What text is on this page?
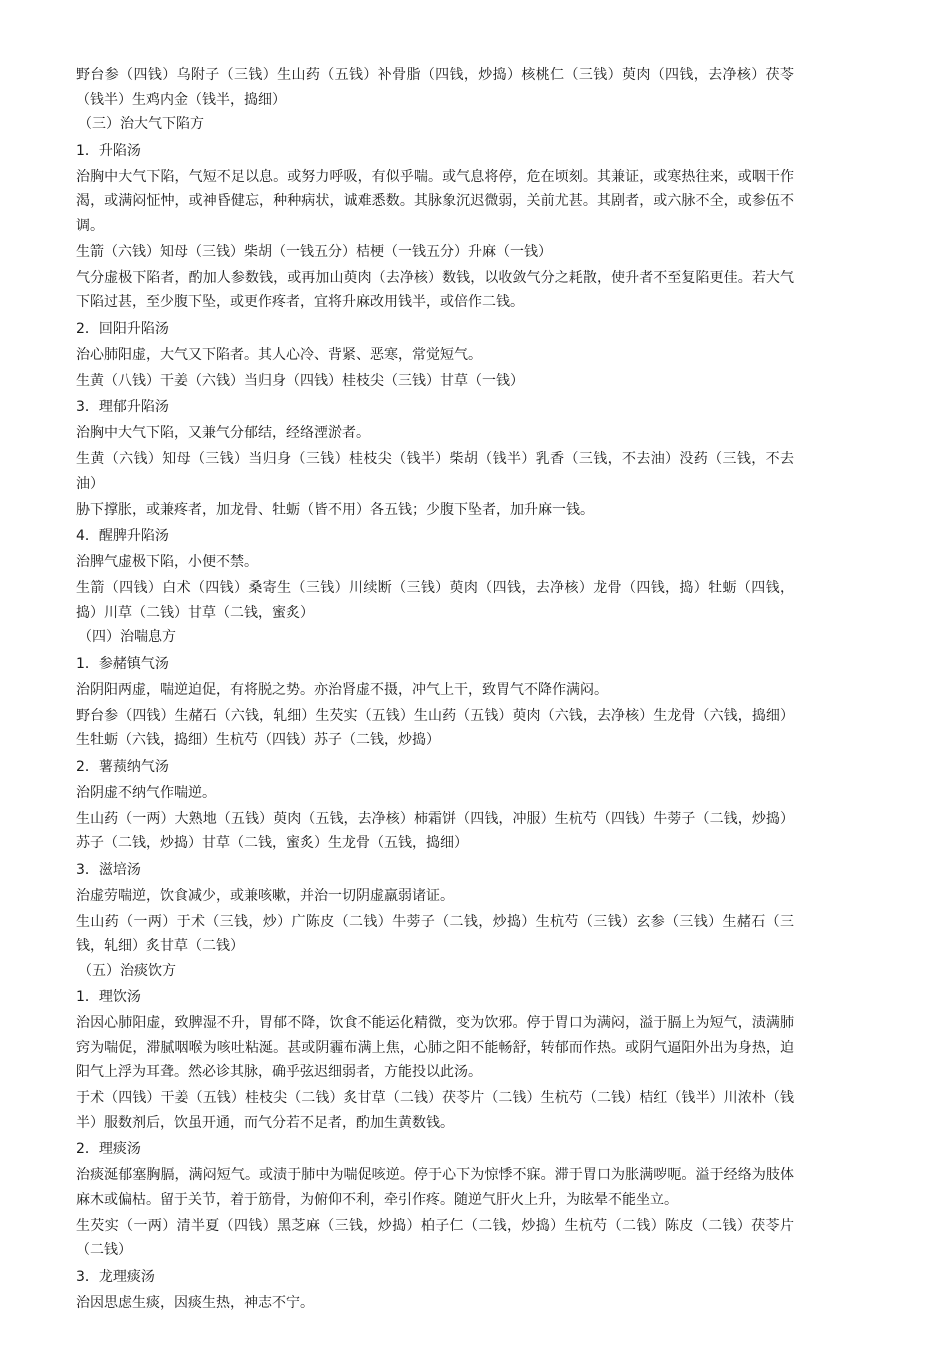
野台参（四钱）乌附子（三钱）生山药（五钱）补骨脂（四钱，炒捣）核桃仁（三钱）萸肉（四钱，去净核）茯苓（钱半）生鸡内金（钱半，捣细）

（三）治大气下陷方

1．升陷汤

治胸中大气下陷，气短不足以息。或努力呼吸，有似乎喘。或气息将停，危在顷刻。其兼证，或寒热往来，或咽干作渴，或满闷怔忡，或神昏健忘，种种病状，诚难悉数。其脉象沉迟微弱，关前尤甚。其剧者，或六脉不全，或参伍不调。

生箭（六钱）知母（三钱）柴胡（一钱五分）桔梗（一钱五分）升麻（一钱）

气分虚极下陷者，酌加人参数钱，或再加山萸肉（去净核）数钱，以收敛气分之耗散，使升者不至复陷更佳。若大气下陷过甚，至少腹下坠，或更作疼者，宜将升麻改用钱半，或倍作二钱。

2．回阳升陷汤

治心肺阳虚，大气又下陷者。其人心冷、背紧、恶寒，常觉短气。

生黄（八钱）干姜（六钱）当归身（四钱）桂枝尖（三钱）甘草（一钱）

3．理郁升陷汤

治胸中大气下陷，又兼气分郁结，经络湮淤者。

生黄（六钱）知母（三钱）当归身（三钱）桂枝尖（钱半）柴胡（钱半）乳香（三钱，不去油）没药（三钱，不去油）

胁下撑胀，或兼疼者，加龙骨、牡蛎（皆不用）各五钱；少腹下坠者，加升麻一钱。

4．醒脾升陷汤

治脾气虚极下陷，小便不禁。

生箭（四钱）白术（四钱）桑寄生（三钱）川续断（三钱）萸肉（四钱，去净核）龙骨（四钱，捣）牡蛎（四钱，捣）川草（二钱）甘草（二钱，蜜炙）

（四）治喘息方

1．参赭镇气汤

治阴阳两虚，喘逆迫促，有将脱之势。亦治肾虚不摄，冲气上干，致胃气不降作满闷。

野台参（四钱）生赭石（六钱，轧细）生芡实（五钱）生山药（五钱）萸肉（六钱，去净核）生龙骨（六钱，捣细）生牡蛎（六钱，捣细）生杭芍（四钱）苏子（二钱，炒捣）

2．薯蓣纳气汤

治阴虚不纳气作喘逆。

生山药（一两）大熟地（五钱）萸肉（五钱，去净核）柿霜饼（四钱，冲服）生杭芍（四钱）牛蒡子（二钱，炒捣）苏子（二钱，炒捣）甘草（二钱，蜜炙）生龙骨（五钱，捣细）

3．滋培汤

治虚劳喘逆，饮食减少，或兼咳嗽，并治一切阴虚羸弱诸证。

生山药（一两）于术（三钱，炒）广陈皮（二钱）牛蒡子（二钱，炒捣）生杭芍（三钱）玄参（三钱）生赭石（三钱，轧细）炙甘草（二钱）

（五）治痰饮方

1．理饮汤

治因心肺阳虚，致脾湿不升，胃郁不降，饮食不能运化精微，变为饮邪。停于胃口为满闷，溢于膈上为短气，渍满肺窍为喘促，滞腻咽喉为咳吐粘涎。甚或阴霾布满上焦，心肺之阳不能畅舒，转郁而作热。或阴气逼阳外出为身热，迫阳气上浮为耳聋。然必诊其脉，确乎弦迟细弱者，方能投以此汤。

于术（四钱）干姜（五钱）桂枝尖（二钱）炙甘草（二钱）茯苓片（二钱）生杭芍（二钱）桔红（钱半）川浓朴（钱半）服数剂后，饮虽开通，而气分若不足者，酌加生黄数钱。

2．理痰汤

治痰涎郁塞胸膈，满闷短气。或渍于肺中为喘促咳逆。停于心下为惊悸不寐。滞于胃口为胀满哕呃。溢于经络为肢体麻木或偏枯。留于关节，着于筋骨，为俯仰不利，牵引作疼。随逆气肝火上升，为眩晕不能坐立。

生芡实（一两）清半夏（四钱）黑芝麻（三钱，炒捣）柏子仁（二钱，炒捣）生杭芍（二钱）陈皮（二钱）茯苓片（二钱）

3．龙理痰汤

治因思虑生痰，因痰生热，神志不宁。
